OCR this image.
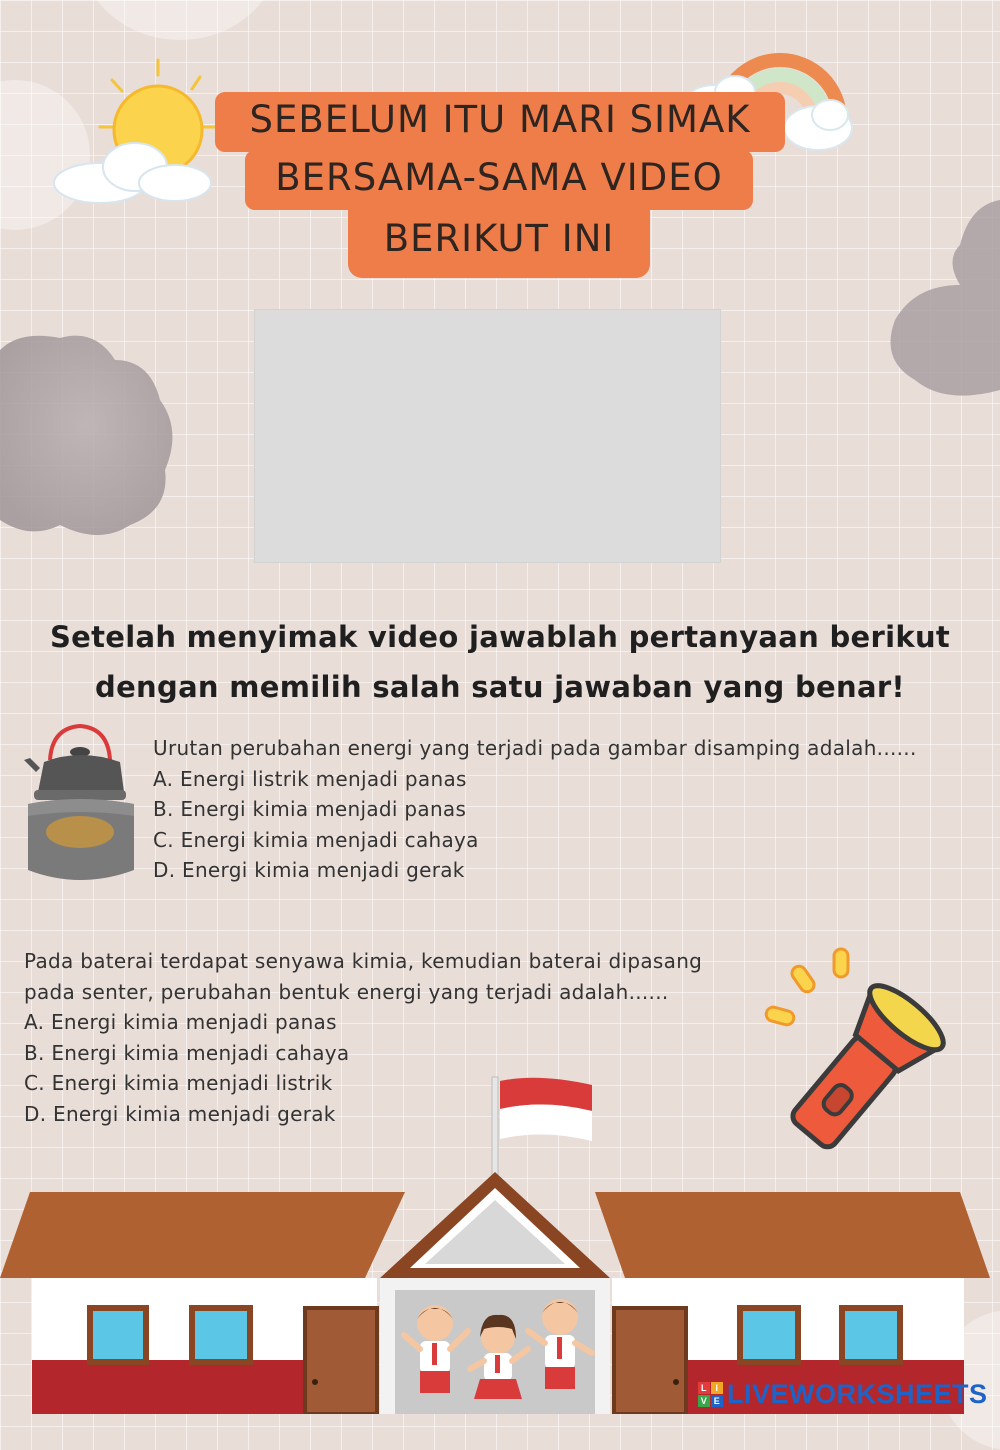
SEBELUM ITU MARI SIMAK
BERSAMA-SAMA VIDEO
BERIKUT INI
Setelah menyimak video jawablah pertanyaan berikut
dengan memilih salah satu jawaban yang benar!
Urutan perubahan energi yang terjadi pada gambar disamping adalah......
A. Energi listrik menjadi panas
B. Energi kimia menjadi panas
C. Energi kimia menjadi cahaya
D. Energi kimia menjadi gerak
Pada baterai terdapat senyawa kimia, kemudian baterai dipasang
pada senter, perubahan bentuk energi yang terjadi adalah......
A. Energi kimia menjadi panas
B. Energi kimia menjadi cahaya
C. Energi kimia menjadi listrik
D. Energi kimia menjadi gerak
L I
V E LIVEWORKSHEETS
